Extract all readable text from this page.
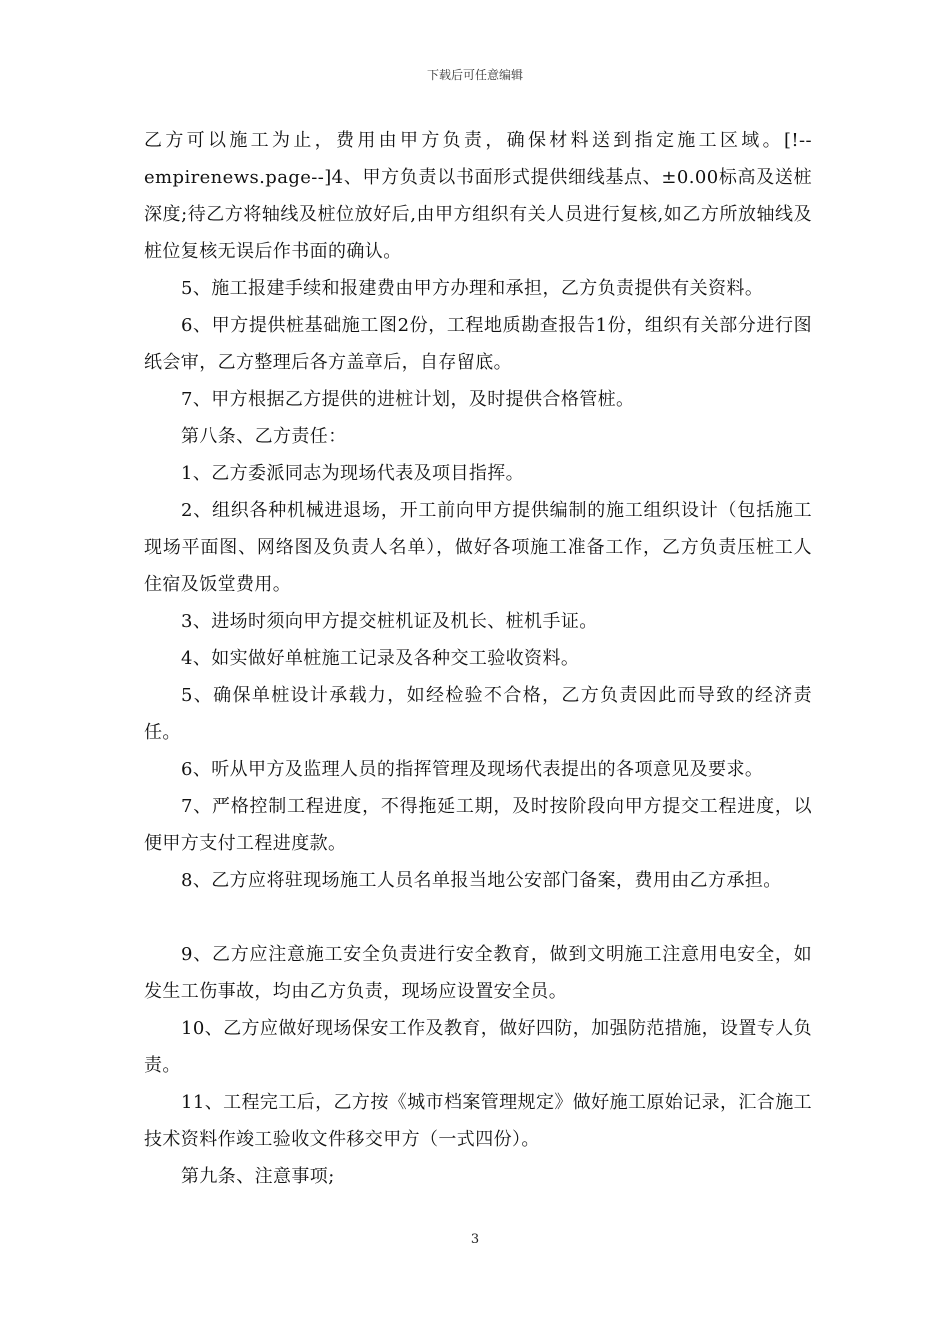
下载后可任意编辑

乙方可以施工为止，费用由甲方负责，确保材料送到指定施工区域。[!--empirenews.page--]4、甲方负责以书面形式提供细线基点、±0.00标高及送桩深度;待乙方将轴线及桩位放好后,由甲方组织有关人员进行复核,如乙方所放轴线及桩位复核无误后作书面的确认。

5、施工报建手续和报建费由甲方办理和承担，乙方负责提供有关资料。

6、甲方提供桩基础施工图2份，工程地质勘查报告1份，组织有关部分进行图纸会审，乙方整理后各方盖章后，自存留底。

7、甲方根据乙方提供的进桩计划，及时提供合格管桩。

第八条、乙方责任：

1、乙方委派同志为现场代表及项目指挥。

2、组织各种机械进退场，开工前向甲方提供编制的施工组织设计（包括施工现场平面图、网络图及负责人名单），做好各项施工准备工作，乙方负责压桩工人住宿及饭堂费用。

3、进场时须向甲方提交桩机证及机长、桩机手证。

4、如实做好单桩施工记录及各种交工验收资料。

5、确保单桩设计承载力，如经检验不合格，乙方负责因此而导致的经济责任。

6、听从甲方及监理人员的指挥管理及现场代表提出的各项意见及要求。

7、严格控制工程进度，不得拖延工期，及时按阶段向甲方提交工程进度，以便甲方支付工程进度款。

8、乙方应将驻现场施工人员名单报当地公安部门备案，费用由乙方承担。

9、乙方应注意施工安全负责进行安全教育，做到文明施工注意用电安全，如发生工伤事故，均由乙方负责，现场应设置安全员。

10、乙方应做好现场保安工作及教育，做好四防，加强防范措施，设置专人负责。

11、工程完工后，乙方按《城市档案管理规定》做好施工原始记录，汇合施工技术资料作竣工验收文件移交甲方（一式四份）。

第九条、注意事项;

3
